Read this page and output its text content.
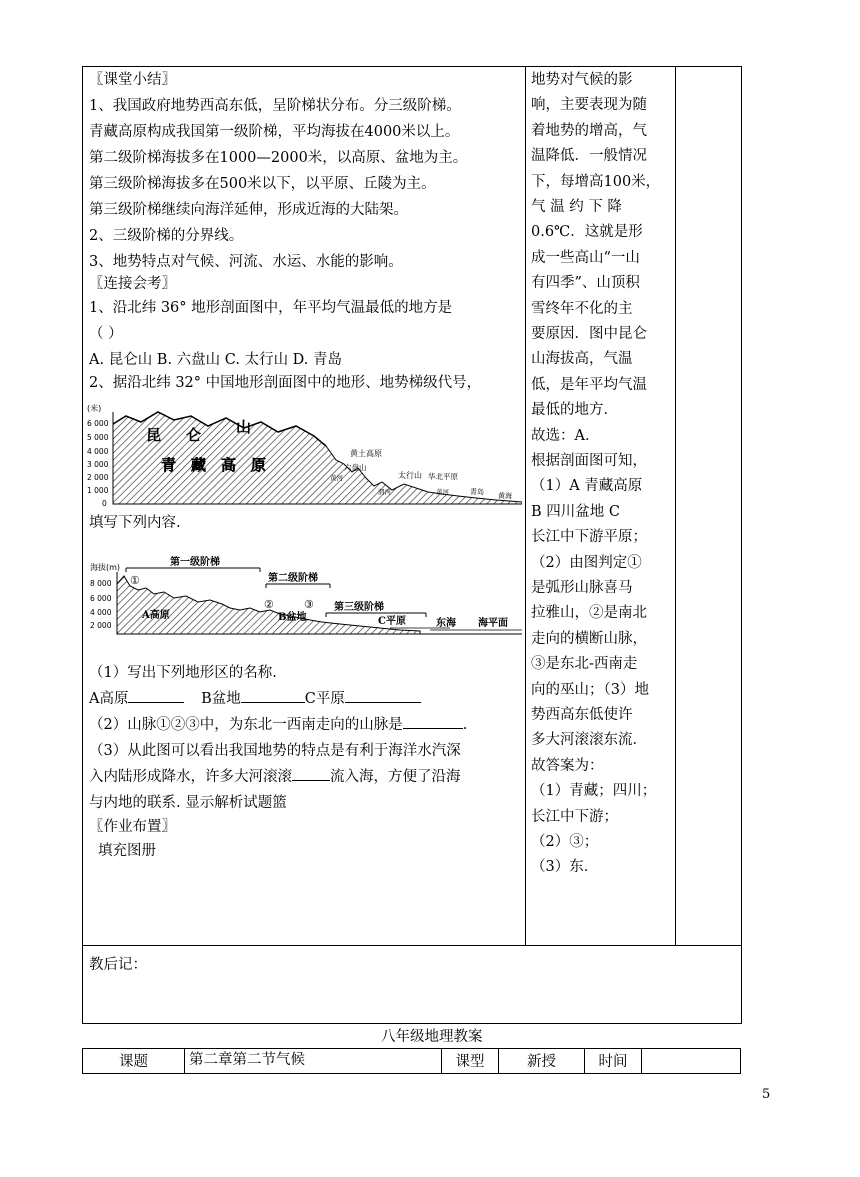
〖课堂小结〗
1、我国政府地势西高东低，呈阶梯状分布。分三级阶梯。
青藏高原构成我国第一级阶梯，平均海拔在4000米以上。
第二级阶梯海拔多在1000—2000米，以高原、盆地为主。
第三级阶梯海拔多在500米以下，以平原、丘陵为主。
第三级阶梯继续向海洋延伸，形成近海的大陆架。
2、三级阶梯的分界线。
3、地势特点对气候、河流、水运、水能的影响。
〖连接会考〗
1、沿北纬 36° 地形剖面图中，年平均气温最低的地方是
（ ）
A. 昆仑山 B. 六盘山 C. 太行山 D. 青岛
2、据沿北纬 32° 中国地形剖面图中的地形、地势梯级代号，
(米)
6 000
5 000
4 000
3 000
2 000
1 000
0
昆 仑 山
青 藏 高 原
黄土高原
六盘山
太行山 华北平原
黄河
渭河	黄河	青岛 黄海
填写下列内容.
海拔(m)
8 000
6 000
4 000
2 000
第一级阶梯
第二级阶梯
第三级阶梯
①
②	③
A高原	B盆地	C平原	东海 海平面
（1）写出下列地形区的名称.
A高原	B盆地	C平原
（2）山脉①②③中，为东北一西南走向的山脉是	.
（3）从此图可以看出我国地势的特点是有利于海洋水汽深
入内陆形成降水，许多大河滚滚	流入海，方便了沿海
与内地的联系. 显示解析试题篮
〖作业布置〗
填充图册
地势对气候的影
响，主要表现为随
着地势的增高，气
温降低．一般情况
下，每增高100米，
气 温 约 下 降
0.6℃．这就是形
成一些高山“一山
有四季”、山顶积
雪终年不化的主
要原因．图中昆仑
山海拔高，气温
低，是年平均气温
最低的地方．
故选：A．
根据剖面图可知，
（1）A 青藏高原
B 四川盆地 C
长江中下游平原；
（2）由图判定①
是弧形山脉喜马
拉雅山，②是南北
走向的横断山脉，
③是东北-西南走
向的巫山；（3）地
势西高东低使许
多大河滚滚东流．
故答案为：
（1）青藏；四川；
长江中下游；
（2）③；
（3）东．
教后记：
八年级地理教案
课题	第二章第二节气候	课型	新授	时间
5
